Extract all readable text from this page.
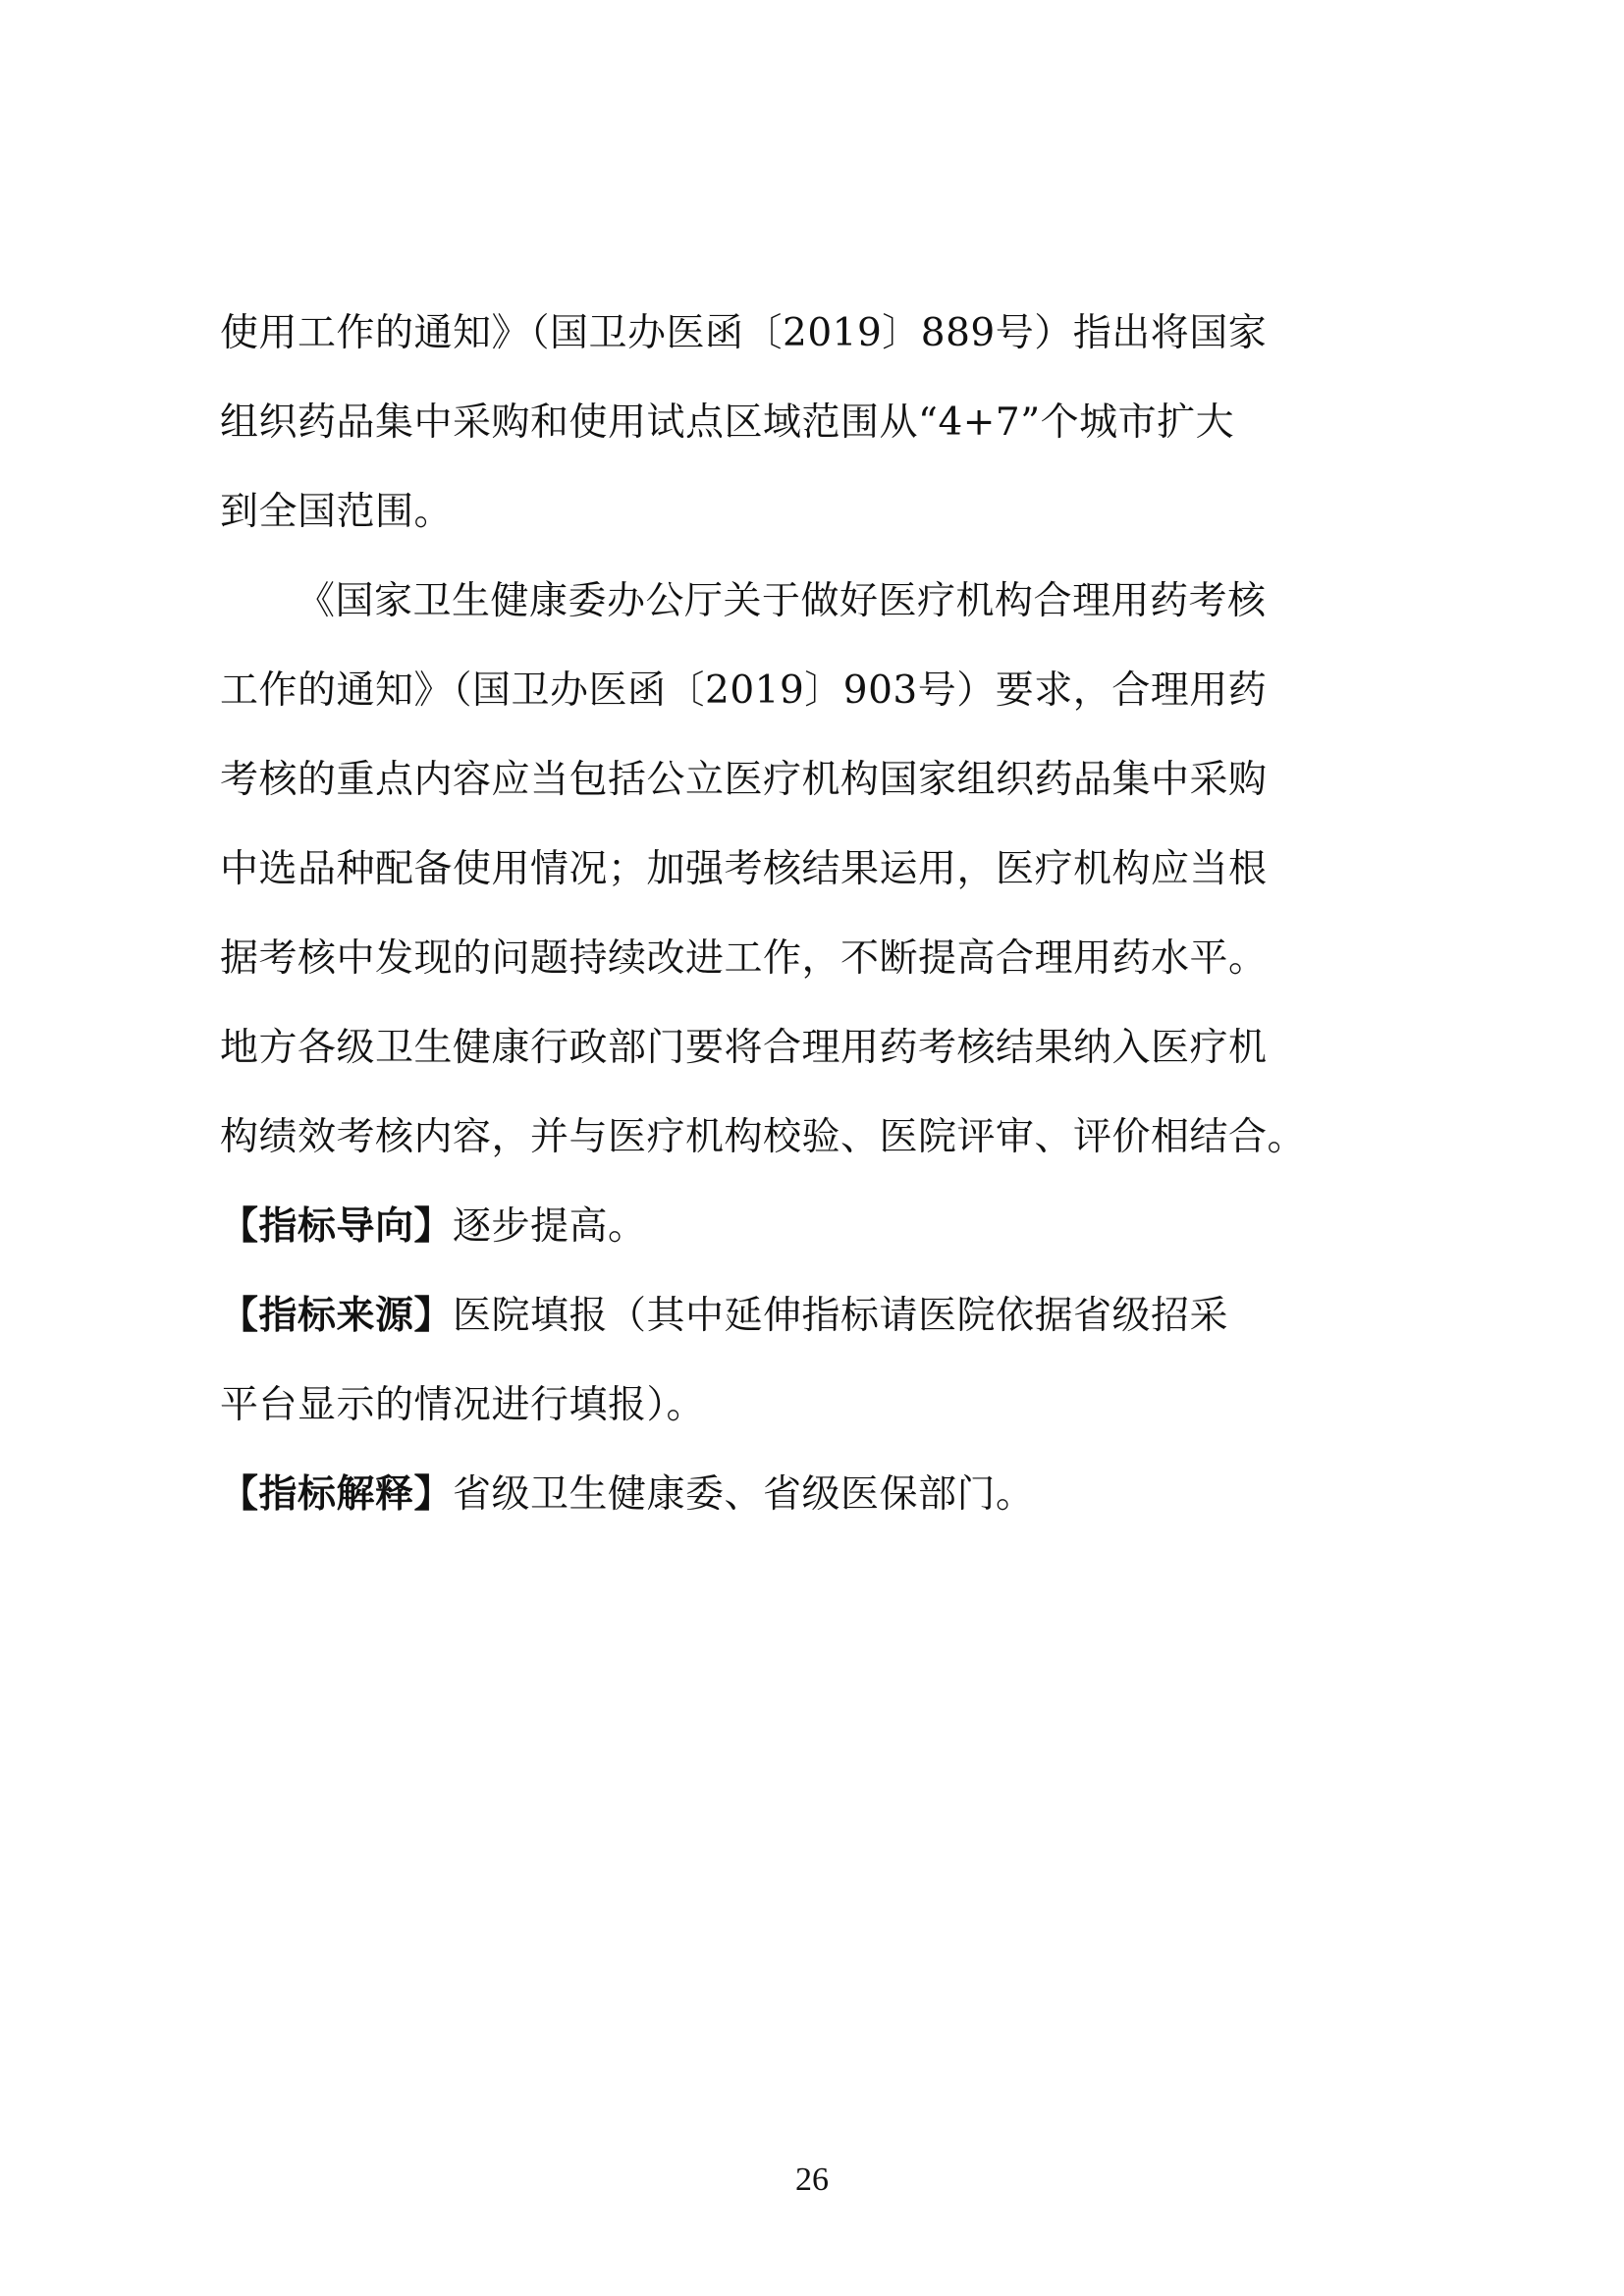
使用工作的通知》（国卫办医函〔2019〕889号）指出将国家
组织药品集中采购和使用试点区域范围从“4+7”个城市扩大
到全国范围。
《国家卫生健康委办公厅关于做好医疗机构合理用药考核
工作的通知》（国卫办医函〔2019〕903号）要求，合理用药
考核的重点内容应当包括公立医疗机构国家组织药品集中采购
中选品种配备使用情况；加强考核结果运用，医疗机构应当根
据考核中发现的问题持续改进工作，不断提高合理用药水平。
地方各级卫生健康行政部门要将合理用药考核结果纳入医疗机
构绩效考核内容，并与医疗机构校验、医院评审、评价相结合。
【指标导向】逐步提高。
【指标来源】医院填报（其中延伸指标请医院依据省级招采
平台显示的情况进行填报）。
【指标解释】省级卫生健康委、省级医保部门。
26
